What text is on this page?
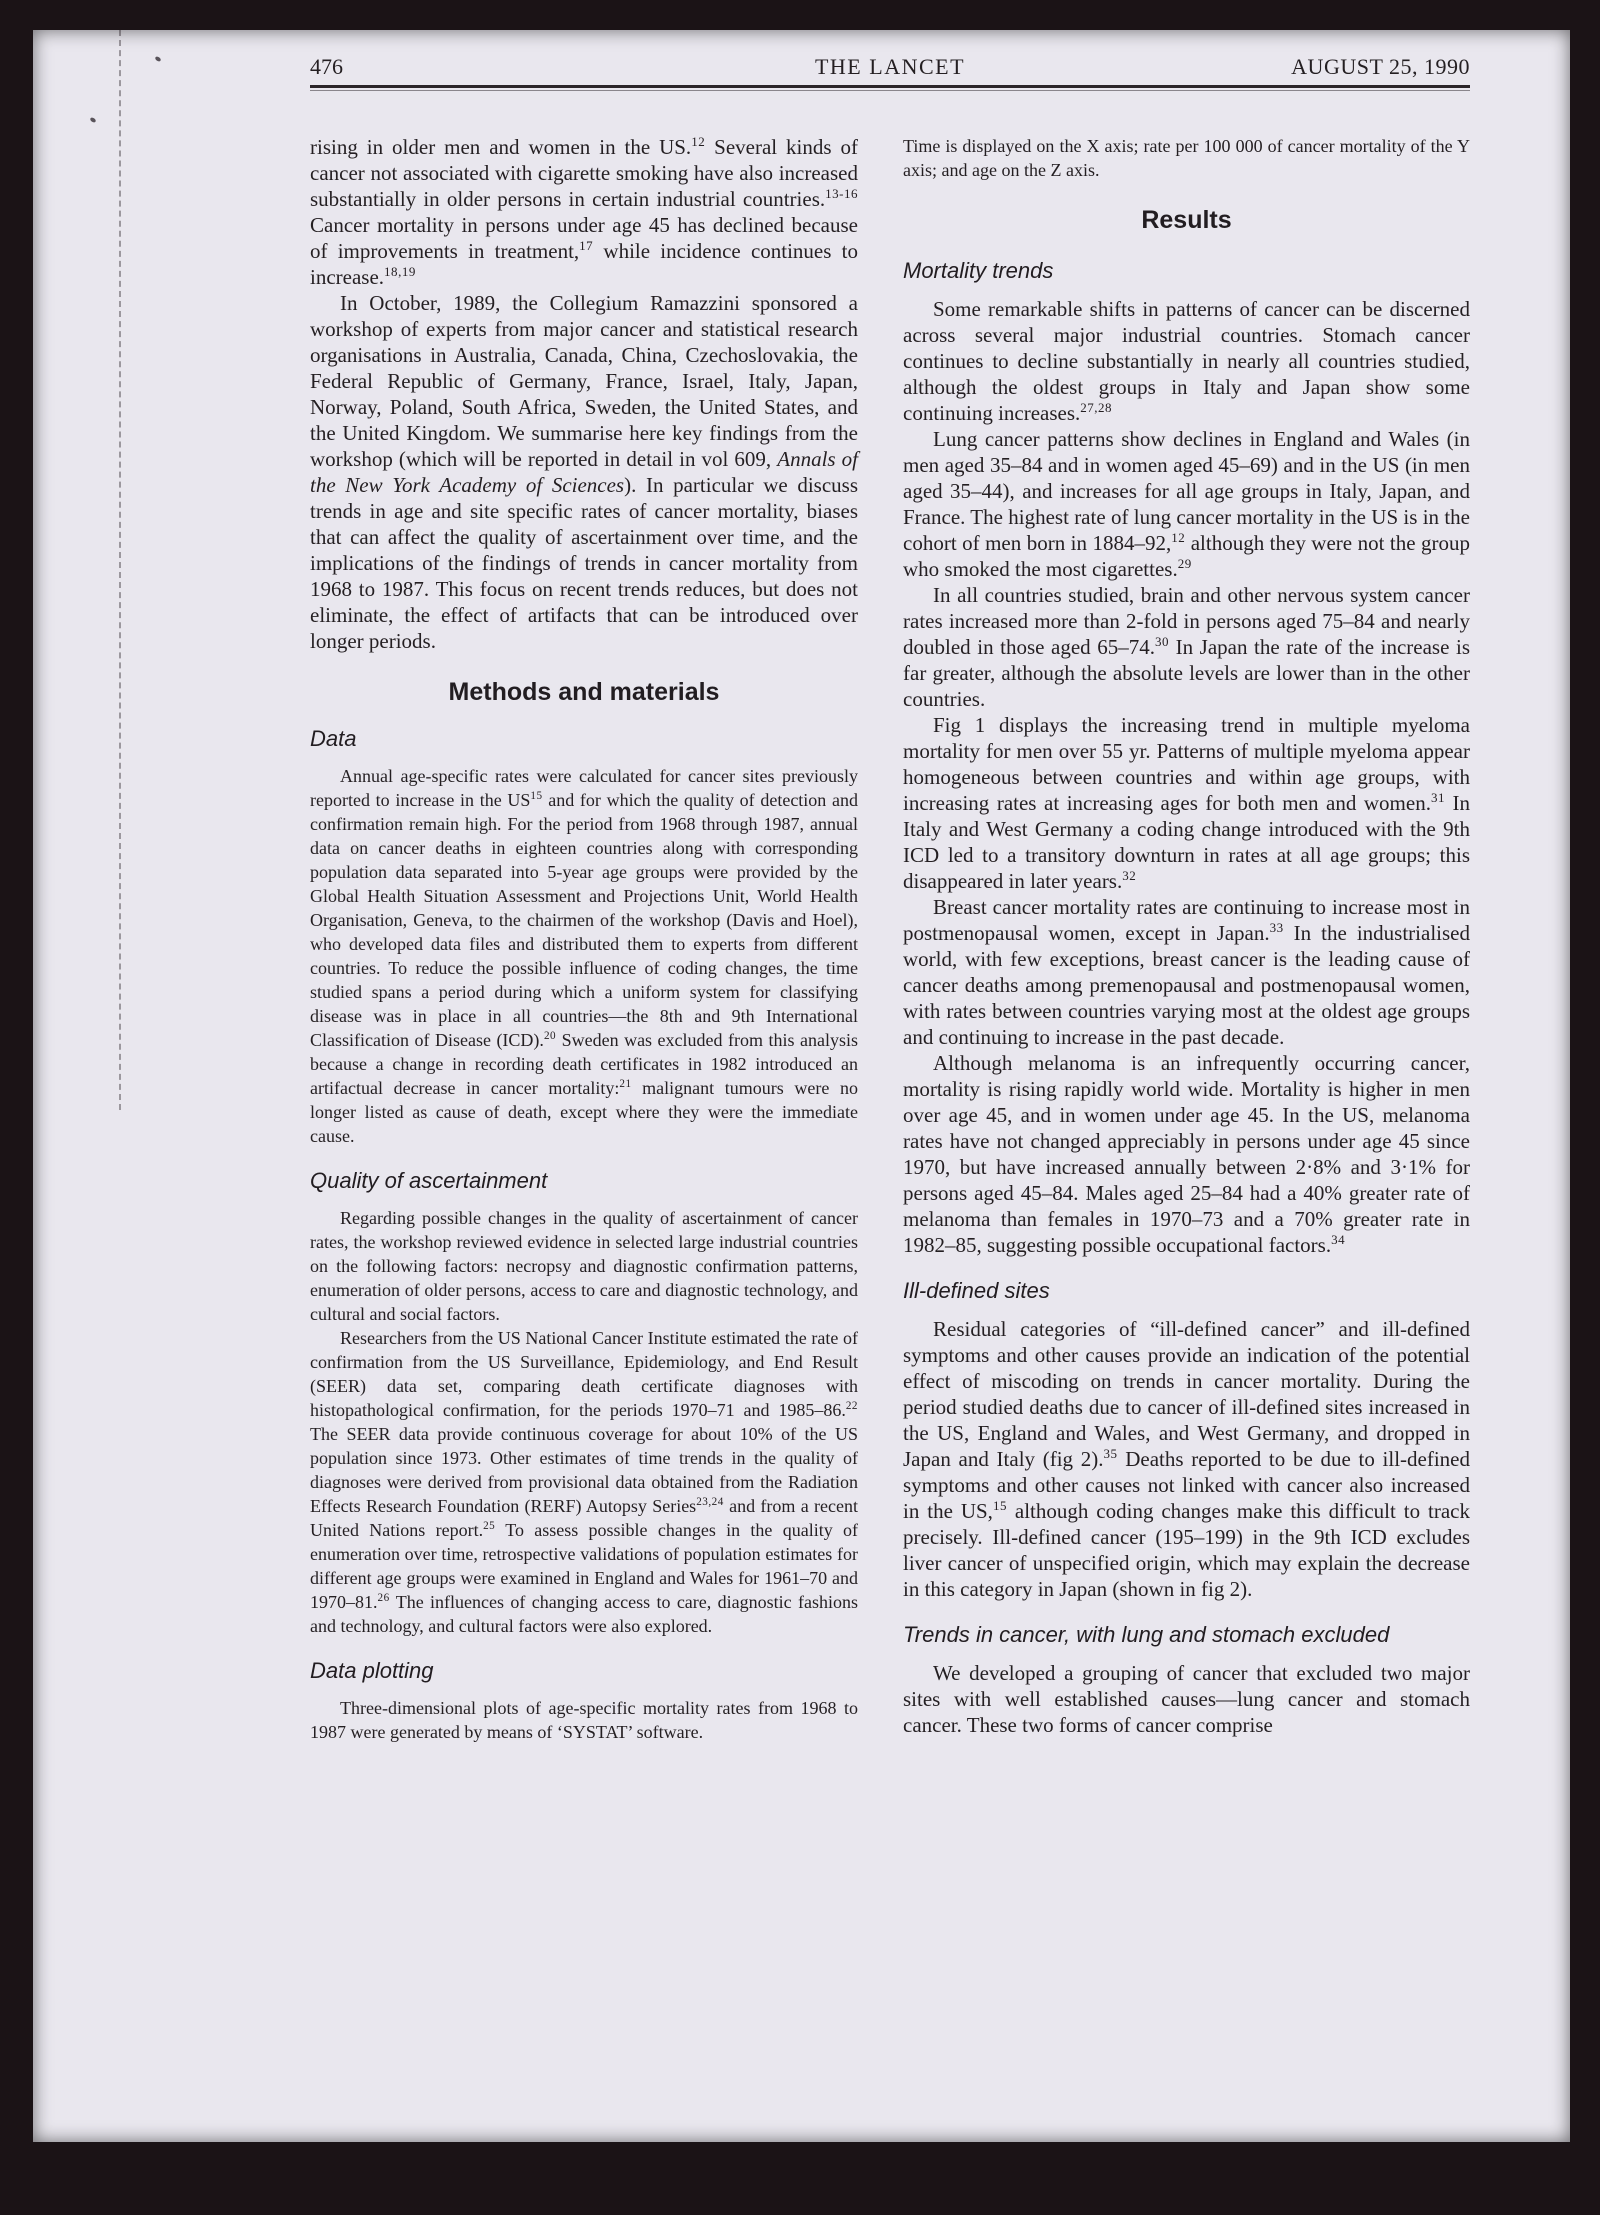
476	THE LANCET	AUGUST 25, 1990

rising in older men and women in the US.$^{12}$ Several kinds of cancer not associated with cigarette smoking have also increased substantially in older persons in certain industrial countries.$^{13-16}$ Cancer mortality in persons under age 45 has declined because of improvements in treatment,$^{17}$ while incidence continues to increase.$^{18,19}$

In October, 1989, the Collegium Ramazzini sponsored a workshop of experts from major cancer and statistical research organisations in Australia, Canada, China, Czechoslovakia, the Federal Republic of Germany, France, Israel, Italy, Japan, Norway, Poland, South Africa, Sweden, the United States, and the United Kingdom. We summarise here key findings from the workshop (which will be reported in detail in vol 609, Annals of the New York Academy of Sciences). In particular we discuss trends in age and site specific rates of cancer mortality, biases that can affect the quality of ascertainment over time, and the implications of the findings of trends in cancer mortality from 1968 to 1987. This focus on recent trends reduces, but does not eliminate, the effect of artifacts that can be introduced over longer periods.

Methods and materials
Data

Annual age-specific rates were calculated for cancer sites previously reported to increase in the US$^{15}$ and for which the quality of detection and confirmation remain high. For the period from 1968 through 1987, annual data on cancer deaths in eighteen countries along with corresponding population data separated into 5-year age groups were provided by the Global Health Situation Assessment and Projections Unit, World Health Organisation, Geneva, to the chairmen of the workshop (Davis and Hoel), who developed data files and distributed them to experts from different countries. To reduce the possible influence of coding changes, the time studied spans a period during which a uniform system for classifying disease was in place in all countries—the 8th and 9th International Classification of Disease (ICD).$^{20}$ Sweden was excluded from this analysis because a change in recording death certificates in 1982 introduced an artifactual decrease in cancer mortality:$^{21}$ malignant tumours were no longer listed as cause of death, except where they were the immediate cause.

Quality of ascertainment

Regarding possible changes in the quality of ascertainment of cancer rates, the workshop reviewed evidence in selected large industrial countries on the following factors: necropsy and diagnostic confirmation patterns, enumeration of older persons, access to care and diagnostic technology, and cultural and social factors.

Researchers from the US National Cancer Institute estimated the rate of confirmation from the US Surveillance, Epidemiology, and End Result (SEER) data set, comparing death certificate diagnoses with histopathological confirmation, for the periods 1970–71 and 1985–86.22 The SEER data provide continuous coverage for about 10% of the US population since 1973. Other estimates of time trends in the quality of diagnoses were derived from provisional data obtained from the Radiation Effects Research Foundation (RERF) Autopsy Series$^{23,24}$ and from a recent United Nations report.$^{25}$ To assess possible changes in the quality of enumeration over time, retrospective validations of population estimates for different age groups were examined in England and Wales for 1961–70 and 1970–81.26 The influences of changing access to care, diagnostic fashions and technology, and cultural factors were also explored.

Data plotting

Three-dimensional plots of age-specific mortality rates from 1968 to 1987 were generated by means of ‘SYSTAT’ software.

Time is displayed on the X axis; rate per 100 000 of cancer mortality of the Y axis; and age on the Z axis.

Results
Mortality trends

Some remarkable shifts in patterns of cancer can be discerned across several major industrial countries. Stomach cancer continues to decline substantially in nearly all countries studied, although the oldest groups in Italy and Japan show some continuing increases.$^{27,28}$

Lung cancer patterns show declines in England and Wales (in men aged 35–84 and in women aged 45–69) and in the US (in men aged 35–44), and increases for all age groups in Italy, Japan, and France. The highest rate of lung cancer mortality in the US is in the cohort of men born in 1884–92,12 although they were not the group who smoked the most cigarettes.$^{29}$

In all countries studied, brain and other nervous system cancer rates increased more than 2-fold in persons aged 75–84 and nearly doubled in those aged 65–74.30 In Japan the rate of the increase is far greater, although the absolute levels are lower than in the other countries.

Fig 1 displays the increasing trend in multiple myeloma mortality for men over 55 yr. Patterns of multiple myeloma appear homogeneous between countries and within age groups, with increasing rates at increasing ages for both men and women.$^{31}$ In Italy and West Germany a coding change introduced with the 9th ICD led to a transitory downturn in rates at all age groups; this disappeared in later years.$^{32}$

Breast cancer mortality rates are continuing to increase most in postmenopausal women, except in Japan.$^{33}$ In the industrialised world, with few exceptions, breast cancer is the leading cause of cancer deaths among premenopausal and postmenopausal women, with rates between countries varying most at the oldest age groups and continuing to increase in the past decade.

Although melanoma is an infrequently occurring cancer, mortality is rising rapidly world wide. Mortality is higher in men over age 45, and in women under age 45. In the US, melanoma rates have not changed appreciably in persons under age 45 since 1970, but have increased annually between 2·8% and 3·1% for persons aged 45–84. Males aged 25–84 had a 40% greater rate of melanoma than females in 1970–73 and a 70% greater rate in 1982–85, suggesting possible occupational factors.$^{34}$

Ill-defined sites

Residual categories of “ill-defined cancer” and ill-defined symptoms and other causes provide an indication of the potential effect of miscoding on trends in cancer mortality. During the period studied deaths due to cancer of ill-defined sites increased in the US, England and Wales, and West Germany, and dropped in Japan and Italy (fig 2).$^{35}$ Deaths reported to be due to ill-defined symptoms and other causes not linked with cancer also increased in the US,$^{15}$ although coding changes make this difficult to track precisely. Ill-defined cancer (195–199) in the 9th ICD excludes liver cancer of unspecified origin, which may explain the decrease in this category in Japan (shown in fig 2).

Trends in cancer, with lung and stomach excluded

We developed a grouping of cancer that excluded two major sites with well established causes—lung cancer and stomach cancer. These two forms of cancer comprise
